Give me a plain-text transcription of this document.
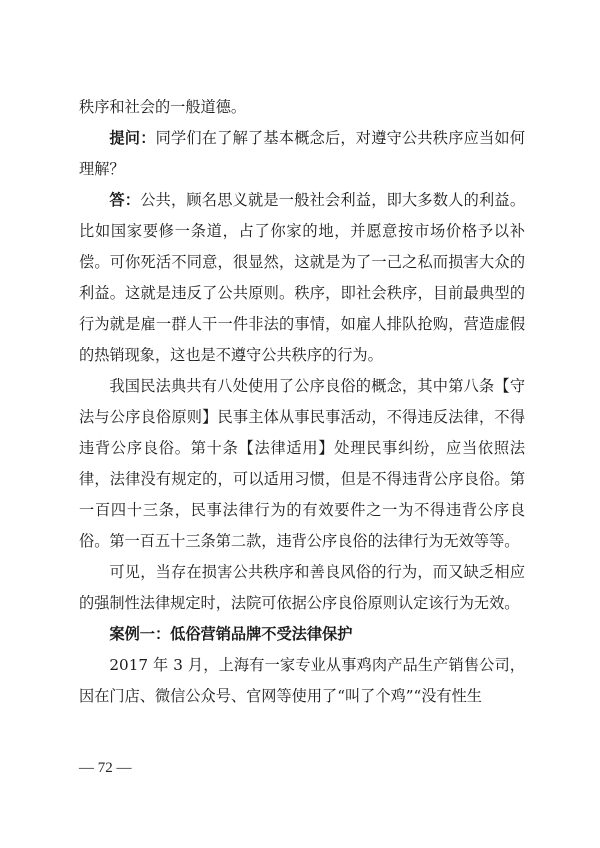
秩序和社会的一般道德。

提问：同学们在了解了基本概念后，对遵守公共秩序应当如何理解？

答：公共，顾名思义就是一般社会利益，即大多数人的利益。比如国家要修一条道，占了你家的地，并愿意按市场价格予以补偿。可你死活不同意，很显然，这就是为了一己之私而损害大众的利益。这就是违反了公共原则。秩序，即社会秩序，目前最典型的行为就是雇一群人干一件非法的事情，如雇人排队抢购，营造虚假的热销现象，这也是不遵守公共秩序的行为。

我国民法典共有八处使用了公序良俗的概念，其中第八条【守法与公序良俗原则】民事主体从事民事活动，不得违反法律，不得违背公序良俗。第十条【法律适用】处理民事纠纷，应当依照法律，法律没有规定的，可以适用习惯，但是不得违背公序良俗。第一百四十三条，民事法律行为的有效要件之一为不得违背公序良俗。第一百五十三条第二款，违背公序良俗的法律行为无效等等。

可见，当存在损害公共秩序和善良风俗的行为，而又缺乏相应的强制性法律规定时，法院可依据公序良俗原则认定该行为无效。

案例一：低俗营销品牌不受法律保护

2017 年 3 月，上海有一家专业从事鸡肉产品生产销售公司，因在门店、微信公众号、官网等使用了“叫了个鸡”“没有性生

— 72 —
